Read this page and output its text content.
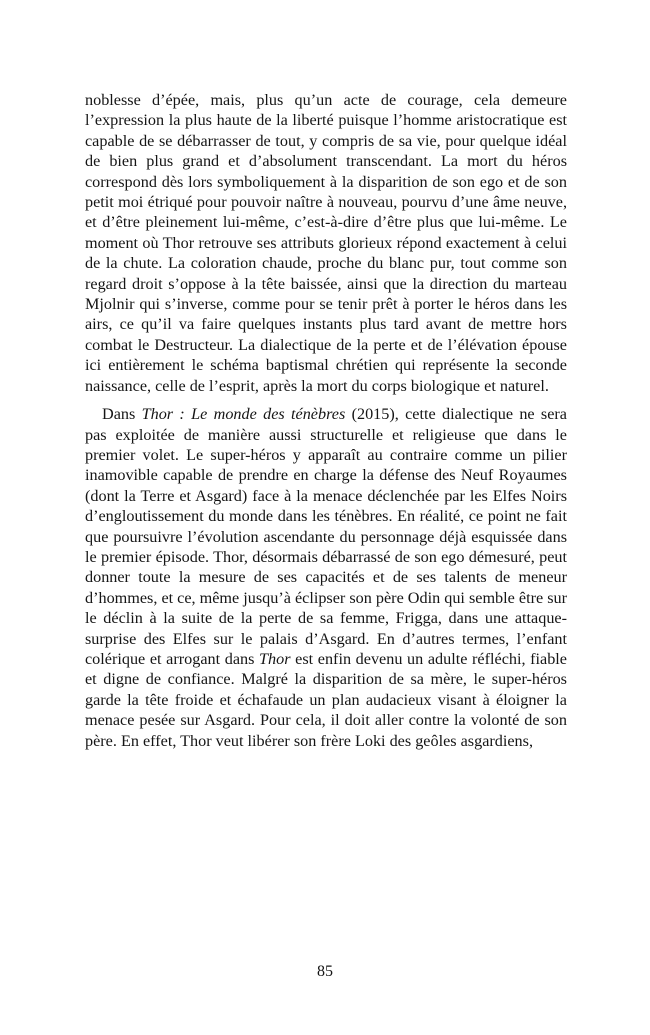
noblesse d’épée, mais, plus qu’un acte de courage, cela demeure l’expression la plus haute de la liberté puisque l’homme aristocratique est capable de se débarrasser de tout, y compris de sa vie, pour quelque idéal de bien plus grand et d’absolument transcendant. La mort du héros correspond dès lors symboliquement à la disparition de son ego et de son petit moi étriqué pour pouvoir naître à nouveau, pourvu d’une âme neuve, et d’être pleinement lui-même, c’est-à-dire d’être plus que lui-même. Le moment où Thor retrouve ses attributs glorieux répond exactement à celui de la chute. La coloration chaude, proche du blanc pur, tout comme son regard droit s’oppose à la tête baissée, ainsi que la direction du marteau Mjolnir qui s’inverse, comme pour se tenir prêt à porter le héros dans les airs, ce qu’il va faire quelques instants plus tard avant de mettre hors combat le Destructeur. La dialectique de la perte et de l’élévation épouse ici entièrement le schéma baptismal chrétien qui représente la seconde naissance, celle de l’esprit, après la mort du corps biologique et naturel.

Dans Thor : Le monde des ténèbres (2015), cette dialectique ne sera pas exploitée de manière aussi structurelle et religieuse que dans le premier volet. Le super-héros y apparaît au contraire comme un pilier inamovible capable de prendre en charge la défense des Neuf Royaumes (dont la Terre et Asgard) face à la menace déclenchée par les Elfes Noirs d’engloutissement du monde dans les ténèbres. En réalité, ce point ne fait que poursuivre l’évolution ascendante du personnage déjà esquissée dans le premier épisode. Thor, désormais débarrassé de son ego démesuré, peut donner toute la mesure de ses capacités et de ses talents de meneur d’hommes, et ce, même jusqu’à éclipser son père Odin qui semble être sur le déclin à la suite de la perte de sa femme, Frigga, dans une attaque-surprise des Elfes sur le palais d’Asgard. En d’autres termes, l’enfant colérique et arrogant dans Thor est enfin devenu un adulte réfléchi, fiable et digne de confiance. Malgré la disparition de sa mère, le super-héros garde la tête froide et échafaude un plan audacieux visant à éloigner la menace pesée sur Asgard. Pour cela, il doit aller contre la volonté de son père. En effet, Thor veut libérer son frère Loki des geôles asgardiens,

85
